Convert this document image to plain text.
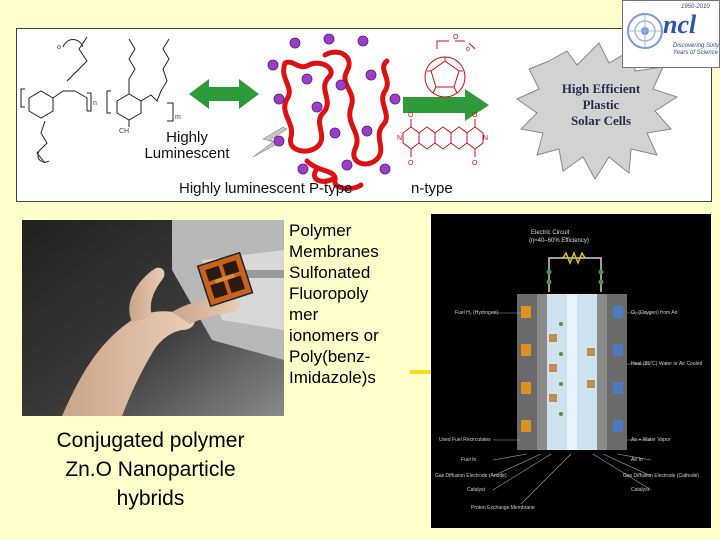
n
m
o
CH
O
o
N	N
O	O
O	O
Highly
Luminescent
High Efficient
Plastic
Solar Cells
Highly luminescent P-type	n-type
ncl
1950-2010
Discovering Sixty
Years of Science
Polymer
Membranes
Sulfonated
Fluoropoly
mer
ionomers or
Poly(benz-
Imidazole)s
Conjugated polymer
Zn.O Nanoparticle
hybrids
Electric Circuit
(η≈40–60% Efficiency)
Fuel H₂ (Hydrogen)
Used Fuel Recirculates
Fuel In
Gas Diffusion Electrode (Anode)
Catalyst
Proton Exchange Membrane
O₂ (Oxygen) from Air
Heat (85°C) Water or Air Cooled
Air + Water Vapor
Air In
Gas Diffusion Electrode (Cathode)
Catalyst
